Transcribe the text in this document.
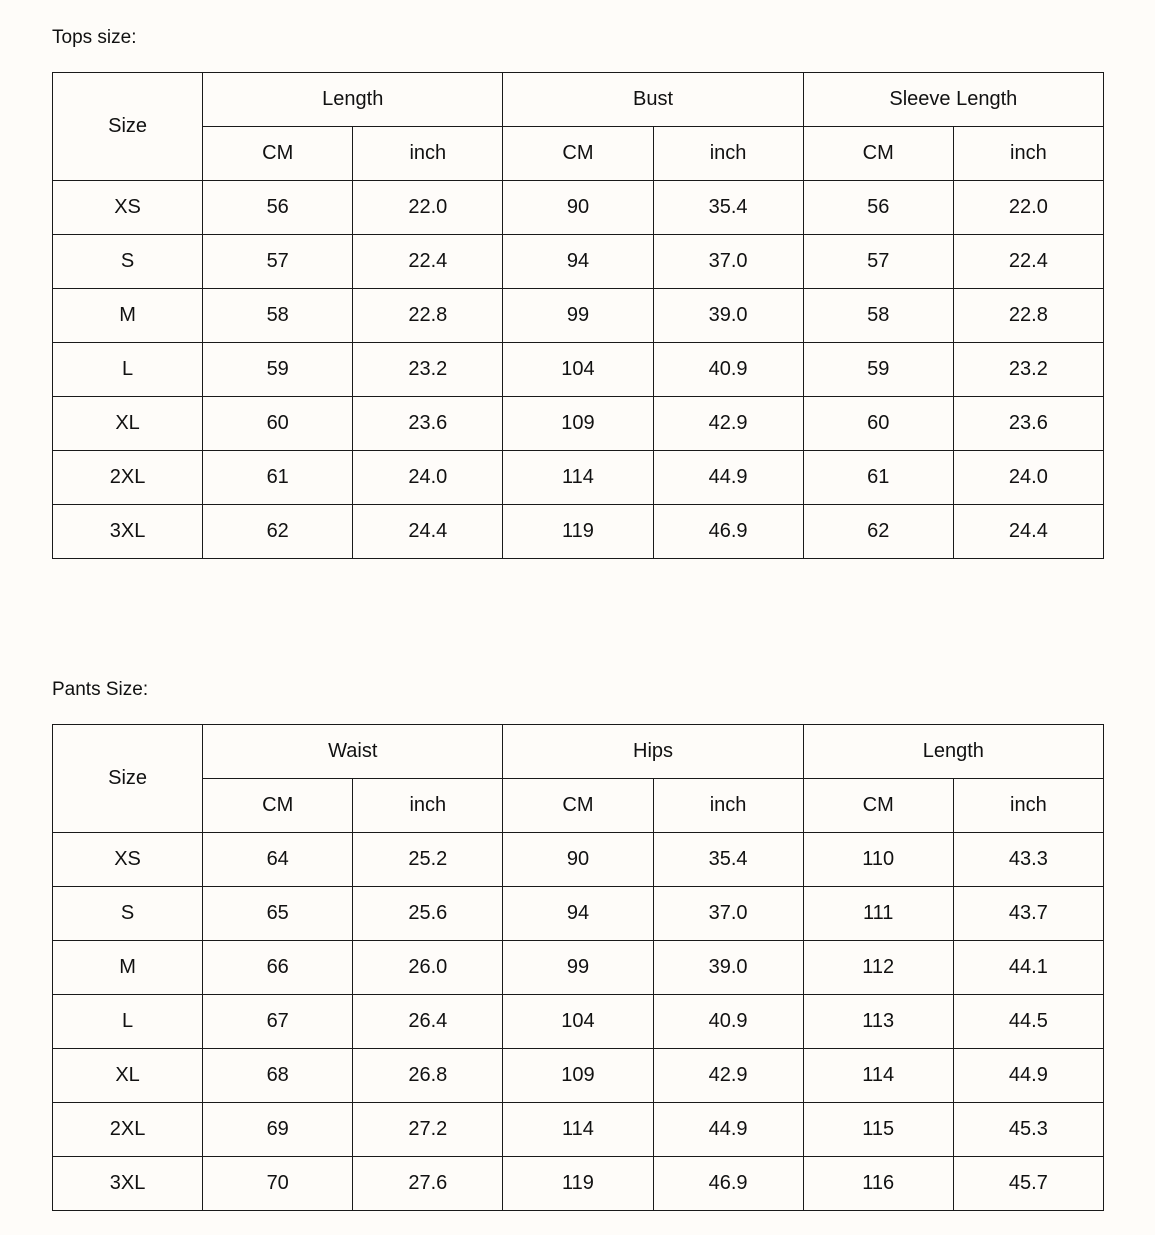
Tops size:
Size	Length		Bust		Sleeve Length	
	CM	inch	CM	inch	CM	inch
XS	56	22.0	90	35.4	56	22.0
S	57	22.4	94	37.0	57	22.4
M	58	22.8	99	39.0	58	22.8
L	59	23.2	104	40.9	59	23.2
XL	60	23.6	109	42.9	60	23.6
2XL	61	24.0	114	44.9	61	24.0
3XL	62	24.4	119	46.9	62	24.4
Pants Size:
Size	Waist		Hips		Length	
	CM	inch	CM	inch	CM	inch
XS	64	25.2	90	35.4	110	43.3
S	65	25.6	94	37.0	111	43.7
M	66	26.0	99	39.0	112	44.1
L	67	26.4	104	40.9	113	44.5
XL	68	26.8	109	42.9	114	44.9
2XL	69	27.2	114	44.9	115	45.3
3XL	70	27.6	119	46.9	116	45.7
